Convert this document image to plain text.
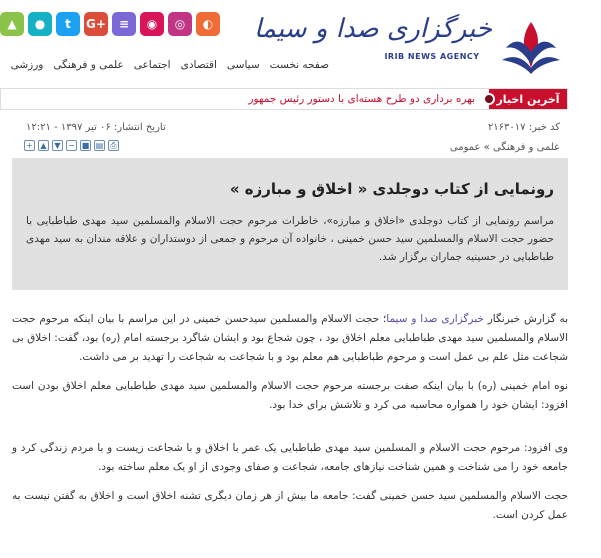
▲	●	t	G+	≡	◉	◎	◐ خبرگزاری صدا و سیما
IRIB NEWS AGENCY
صفحه نخست
سیاسی
اقتصادی
اجتماعی
علمی و فرهنگی
ورزشی
آخرین اخبار
بهره برداری دو طرح هسته‌ای با دستور رئیس جمهور
کد خبر: ۲۱۶۳۰۱۷
تاریخ انتشار: ۰۶ تیر ۱۳۹۷ - ۱۲:۲۱
علمی و فرهنگی » عمومی
+ ▲ ▼ − ■ ▤ ⎙
رونمایی از کتاب دوجلدی « اخلاق و مبارزه »
مراسم رونمایی از کتاب دوجلدی «اخلاق و مبارزه»، خاطرات مرحوم حجت الاسلام والمسلمین سید مهدی طباطبایی با حضور حجت الاسلام والمسلمین سید حسن خمینی ، خانواده آن مرحوم و جمعی از دوستداران و علاقه مندان به سید مهدی طباطبایی در حسینیه جماران برگزار شد.

به گزارش خبرنگار خبرگزاری صدا و سیما؛ حجت الاسلام والمسلمین سیدحسن خمینی در این مراسم با بیان اینکه مرحوم حجت الاسلام والمسلمین سید مهدی طباطبایی معلم اخلاق بود ، چون شجاع بود و ایشان شاگرد برجسته امام (ره) بود، گفت: اخلاق بی شجاعت مثل علم بی عمل است و مرحوم طباطبایی هم معلم بود و با شجاعت به شجاعت را تهدید بر می داشت.

نوه امام خمینی (ره) با بیان اینکه صفت برجسته مرحوم حجت الاسلام والمسلمین سید مهدی طباطبایی معلم اخلاق بودن است افزود: ایشان خود را همواره محاسبه می کرد و تلاشش برای خدا بود.

وی افزود: مرحوم حجت الاسلام و المسلمین سید مهدی طباطبایی یک عمر با اخلاق و با شجاعت زیست و با مردم زندگی کرد و جامعه خود را می شناخت و همین شناخت نیازهای جامعه، شجاعت و صفای وجودی از او یک معلم ساخته بود.

حجت الاسلام والمسلمین سید حسن خمینی گفت: جامعه ما بیش از هر زمان دیگری تشنه اخلاق است و اخلاق به گفتن نیست به عمل کردن است.
